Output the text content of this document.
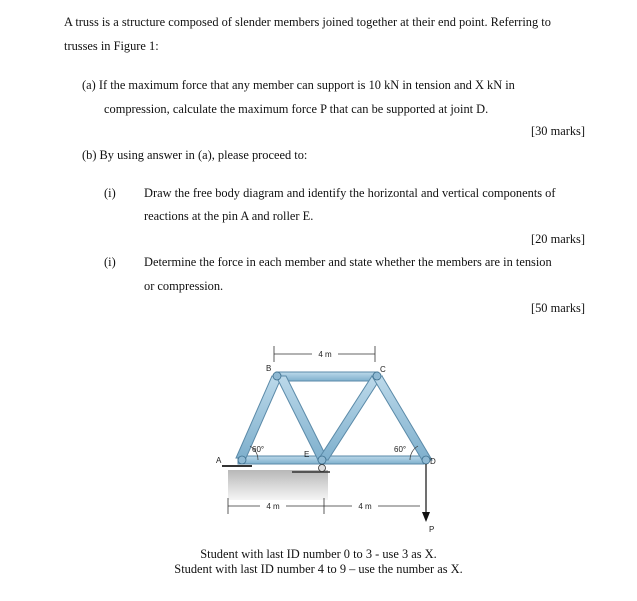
A truss is a structure composed of slender members joined together at their end point. Referring to
trusses in Figure 1:
(a) If the maximum force that any member can support is 10 kN in tension and X kN in
compression, calculate the maximum force P that can be supported at joint D.
[30 marks]
(b) By using answer in (a), please proceed to:
(i) Draw the free body diagram and identify the horizontal and vertical components of
reactions at the pin A and roller E.
[20 marks]
(i) Determine the force in each member and state whether the members are in tension
or compression.
[50 marks]
4 m
4 m	4 m
B	C
A
E
D
60°	60°
P
Student with last ID number 0 to 3 - use 3 as X.
Student with last ID number 4 to 9 – use the number as X.
